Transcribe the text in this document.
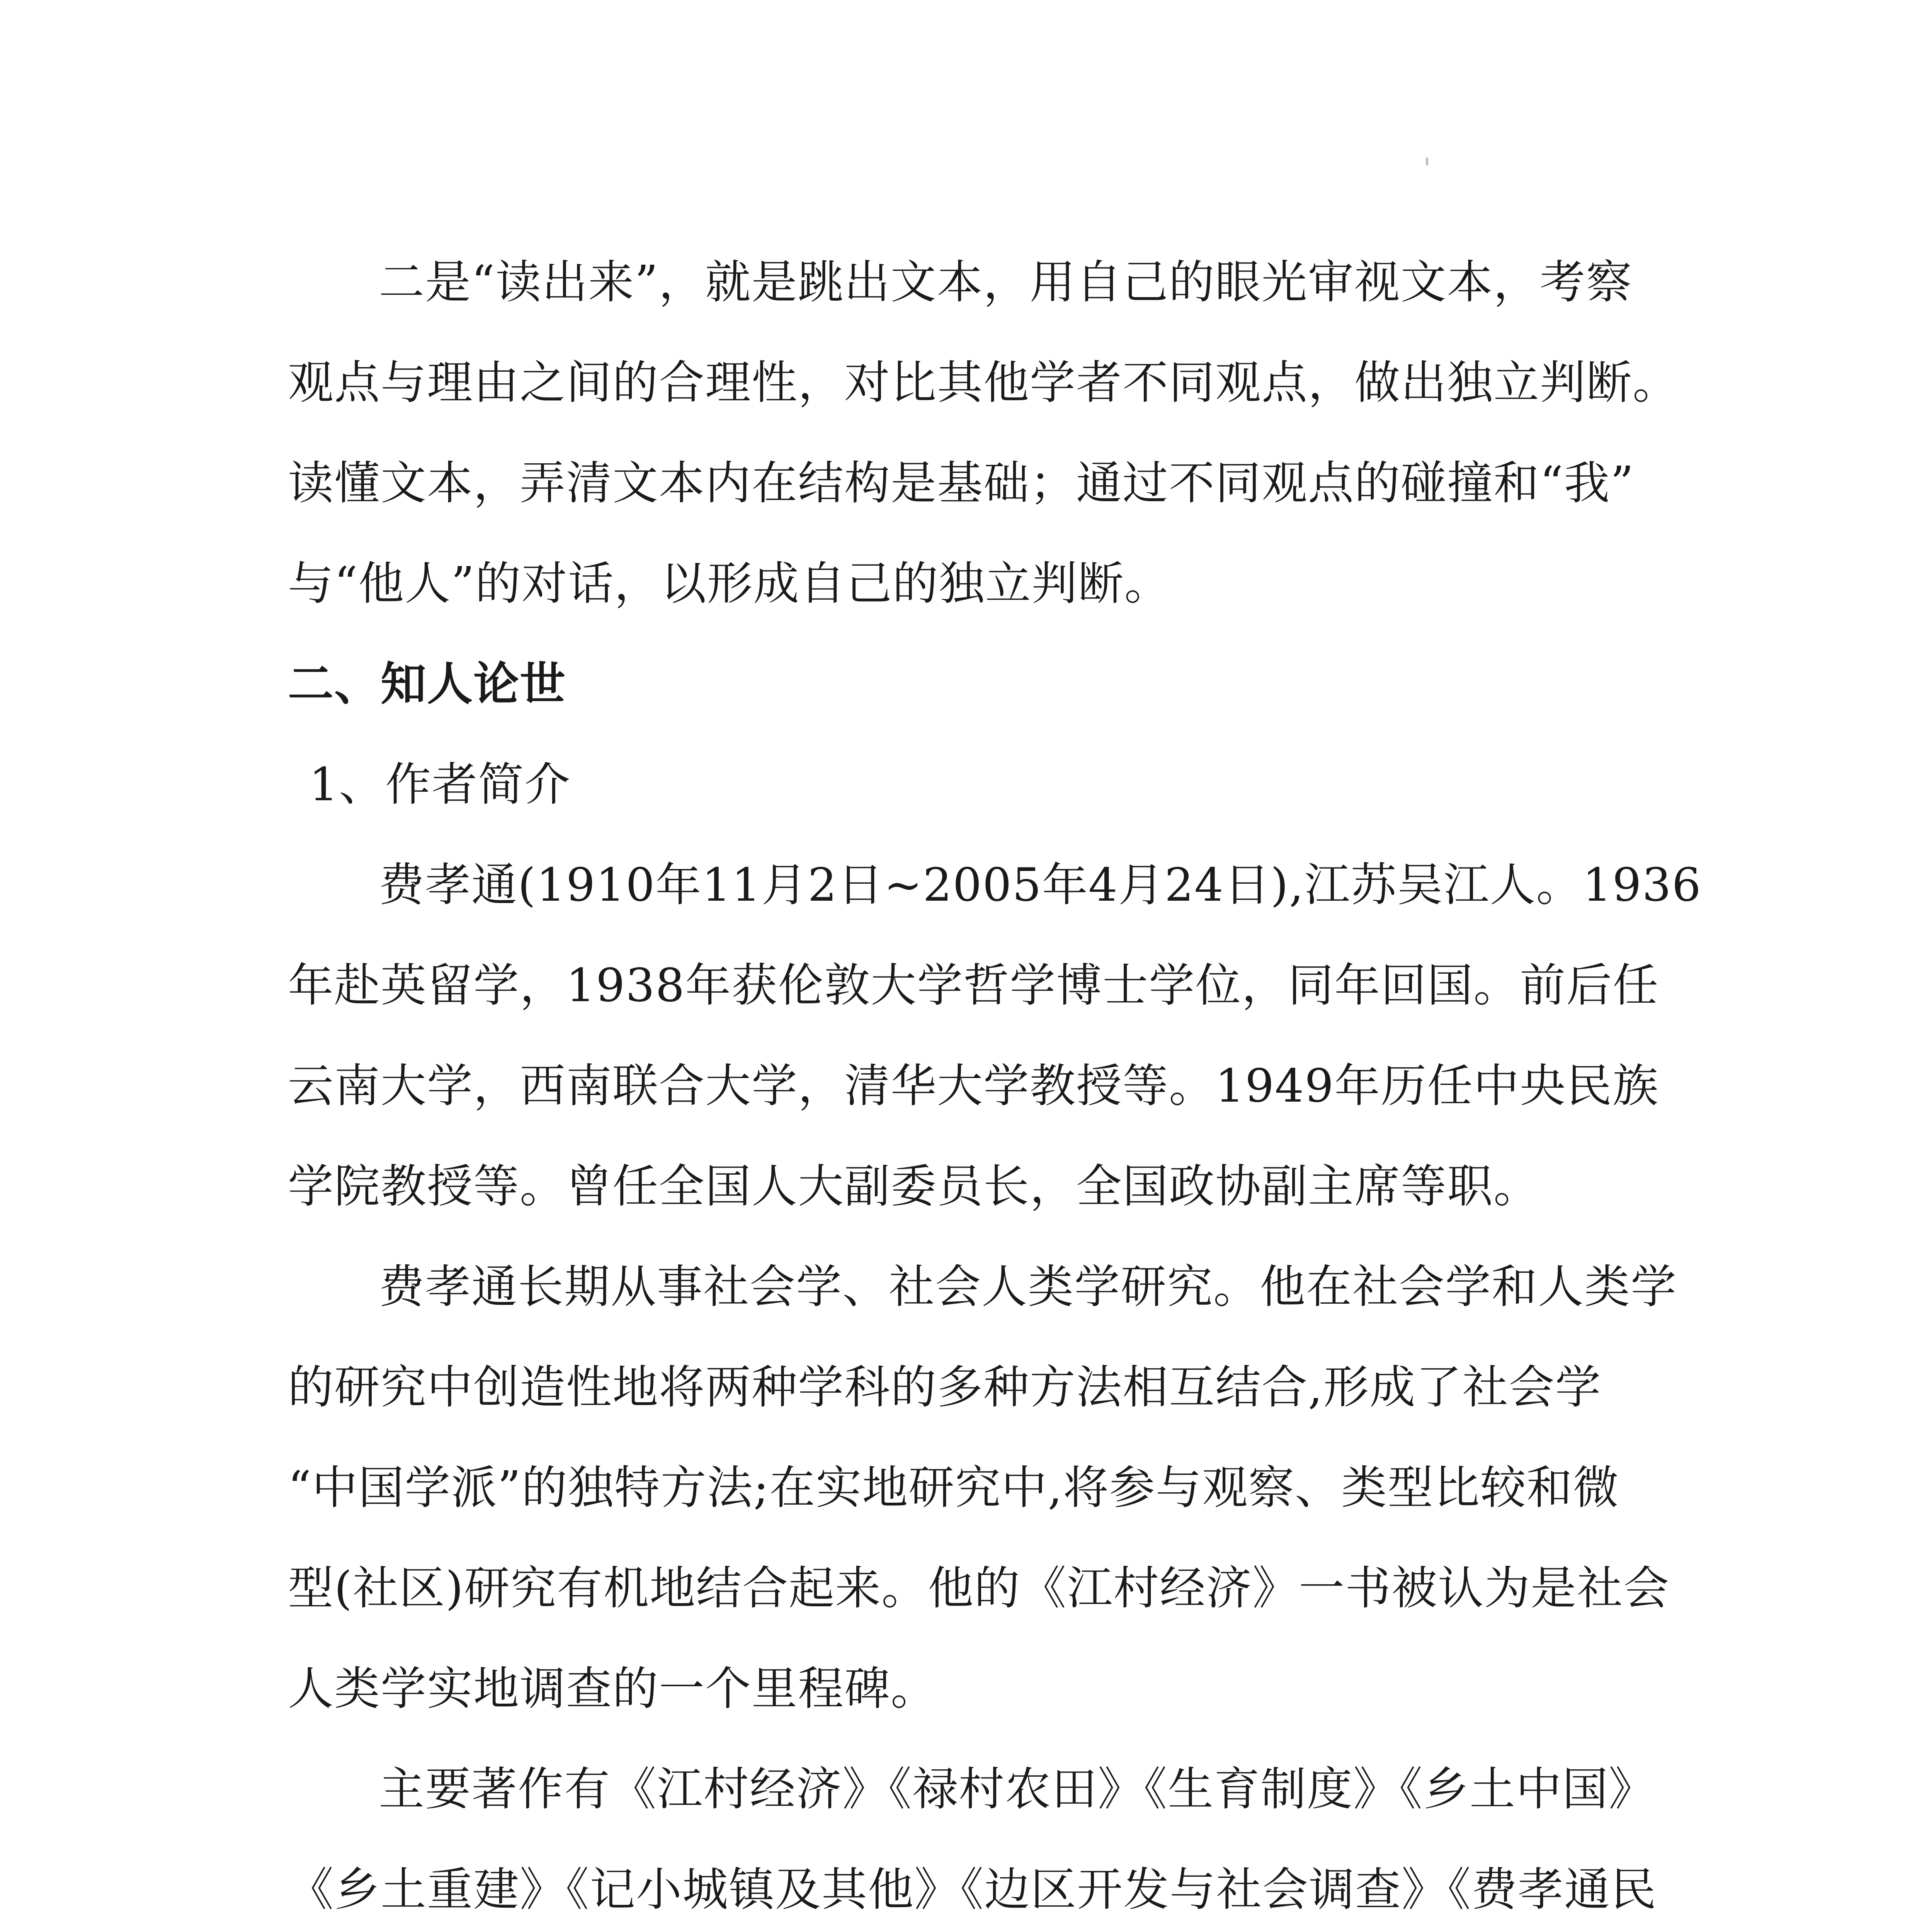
二是“读出来”，就是跳出文本，用自己的眼光审视文本，考察
观点与理由之间的合理性，对比其他学者不同观点，做出独立判断。
读懂文本，弄清文本内在结构是基础；通过不同观点的碰撞和“我”
与“他人”的对话，以形成自己的独立判断。
二、知人论世
1、作者简介
费孝通(1910年11月2日~2005年4月24日),江苏吴江人。1936
年赴英留学，1938年获伦敦大学哲学博士学位，同年回国。前后任
云南大学，西南联合大学，清华大学教授等。1949年历任中央民族
学院教授等。曾任全国人大副委员长，全国政协副主席等职。
费孝通长期从事社会学、社会人类学研究。他在社会学和人类学
的研究中创造性地将两种学科的多种方法相互结合,形成了社会学
“中国学派”的独特方法;在实地研究中,将参与观察、类型比较和微
型(社区)研究有机地结合起来。他的《江村经济》一书被认为是社会
人类学实地调查的一个里程碑。
主要著作有《江村经济》《禄村农田》《生育制度》《乡土中国》
《乡土重建》《记小城镇及其他》《边区开发与社会调查》《费孝通民
